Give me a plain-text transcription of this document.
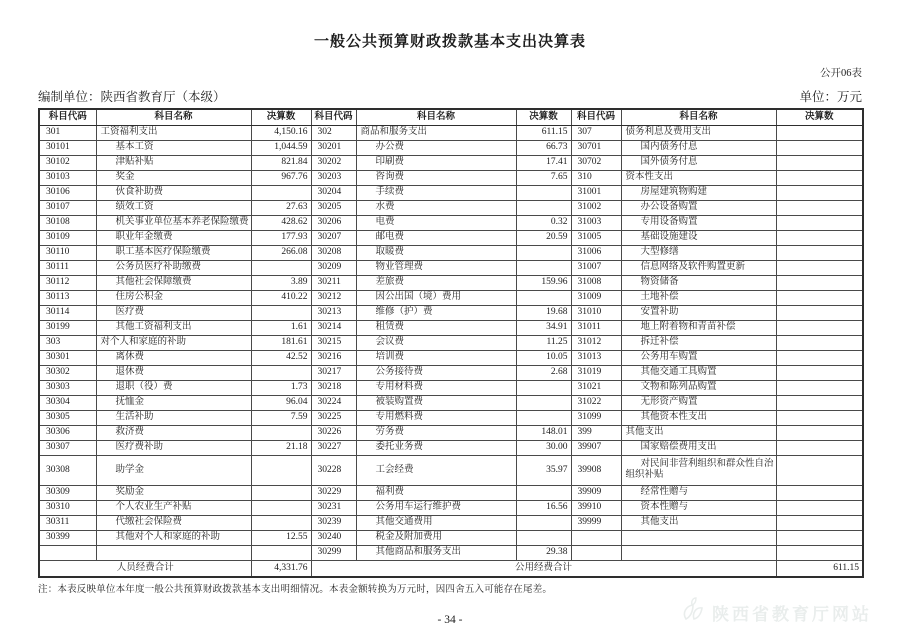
一般公共预算财政拨款基本支出决算表
公开06表
编制单位：陕西省教育厅（本级）	单位：万元
科目代码	科目名称	决算数	科目代码	科目名称	决算数	科目代码	科目名称	决算数
301	工资福利支出	4,150.16	302	商品和服务支出	611.15	307	债务利息及费用支出	
30101	基本工资	1,044.59	30201	办公费	66.73	30701	国内债务付息	
30102	津贴补贴	821.84	30202	印刷费	17.41	30702	国外债务付息	
30103	奖金	967.76	30203	咨询费	7.65	310	资本性支出	
30106	伙食补助费		30204	手续费		31001	房屋建筑物购建	
30107	绩效工资	27.63	30205	水费		31002	办公设备购置	
30108	机关事业单位基本养老保险缴费	428.62	30206	电费	0.32	31003	专用设备购置	
30109	职业年金缴费	177.93	30207	邮电费	20.59	31005	基础设施建设	
30110	职工基本医疗保险缴费	266.08	30208	取暖费		31006	大型修缮	
30111	公务员医疗补助缴费		30209	物业管理费		31007	信息网络及软件购置更新	
30112	其他社会保障缴费	3.89	30211	差旅费	159.96	31008	物资储备	
30113	住房公积金	410.22	30212	因公出国（境）费用		31009	土地补偿	
30114	医疗费		30213	维修（护）费	19.68	31010	安置补助	
30199	其他工资福利支出	1.61	30214	租赁费	34.91	31011	地上附着物和青苗补偿	
303	对个人和家庭的补助	181.61	30215	会议费	11.25	31012	拆迁补偿	
30301	离休费	42.52	30216	培训费	10.05	31013	公务用车购置	
30302	退休费		30217	公务接待费	2.68	31019	其他交通工具购置	
30303	退职（役）费	1.73	30218	专用材料费		31021	文物和陈列品购置	
30304	抚恤金	96.04	30224	被装购置费		31022	无形资产购置	
30305	生活补助	7.59	30225	专用燃料费		31099	其他资本性支出	
30306	救济费		30226	劳务费	148.01	399	其他支出	
30307	医疗费补助	21.18	30227	委托业务费	30.00	39907	国家赔偿费用支出	
30308	助学金		30228	工会经费	35.97	39908	对民间非营利组织和群众性自治组织补贴	
30309	奖励金		30229	福利费		39909	经常性赠与	
30310	个人农业生产补贴		30231	公务用车运行维护费	16.56	39910	资本性赠与	
30311	代缴社会保险费		30239	其他交通费用		39999	其他支出	
30399	其他对个人和家庭的补助	12.55	30240	税金及附加费用				
			30299	其他商品和服务支出	29.38			
人员经费合计		4,331.76	公用经费合计					611.15
注：本表反映单位本年度一般公共预算财政拨款基本支出明细情况。本表金额转换为万元时，因四舍五入可能存在尾差。
- 34 -	陕西省教育厅网站
